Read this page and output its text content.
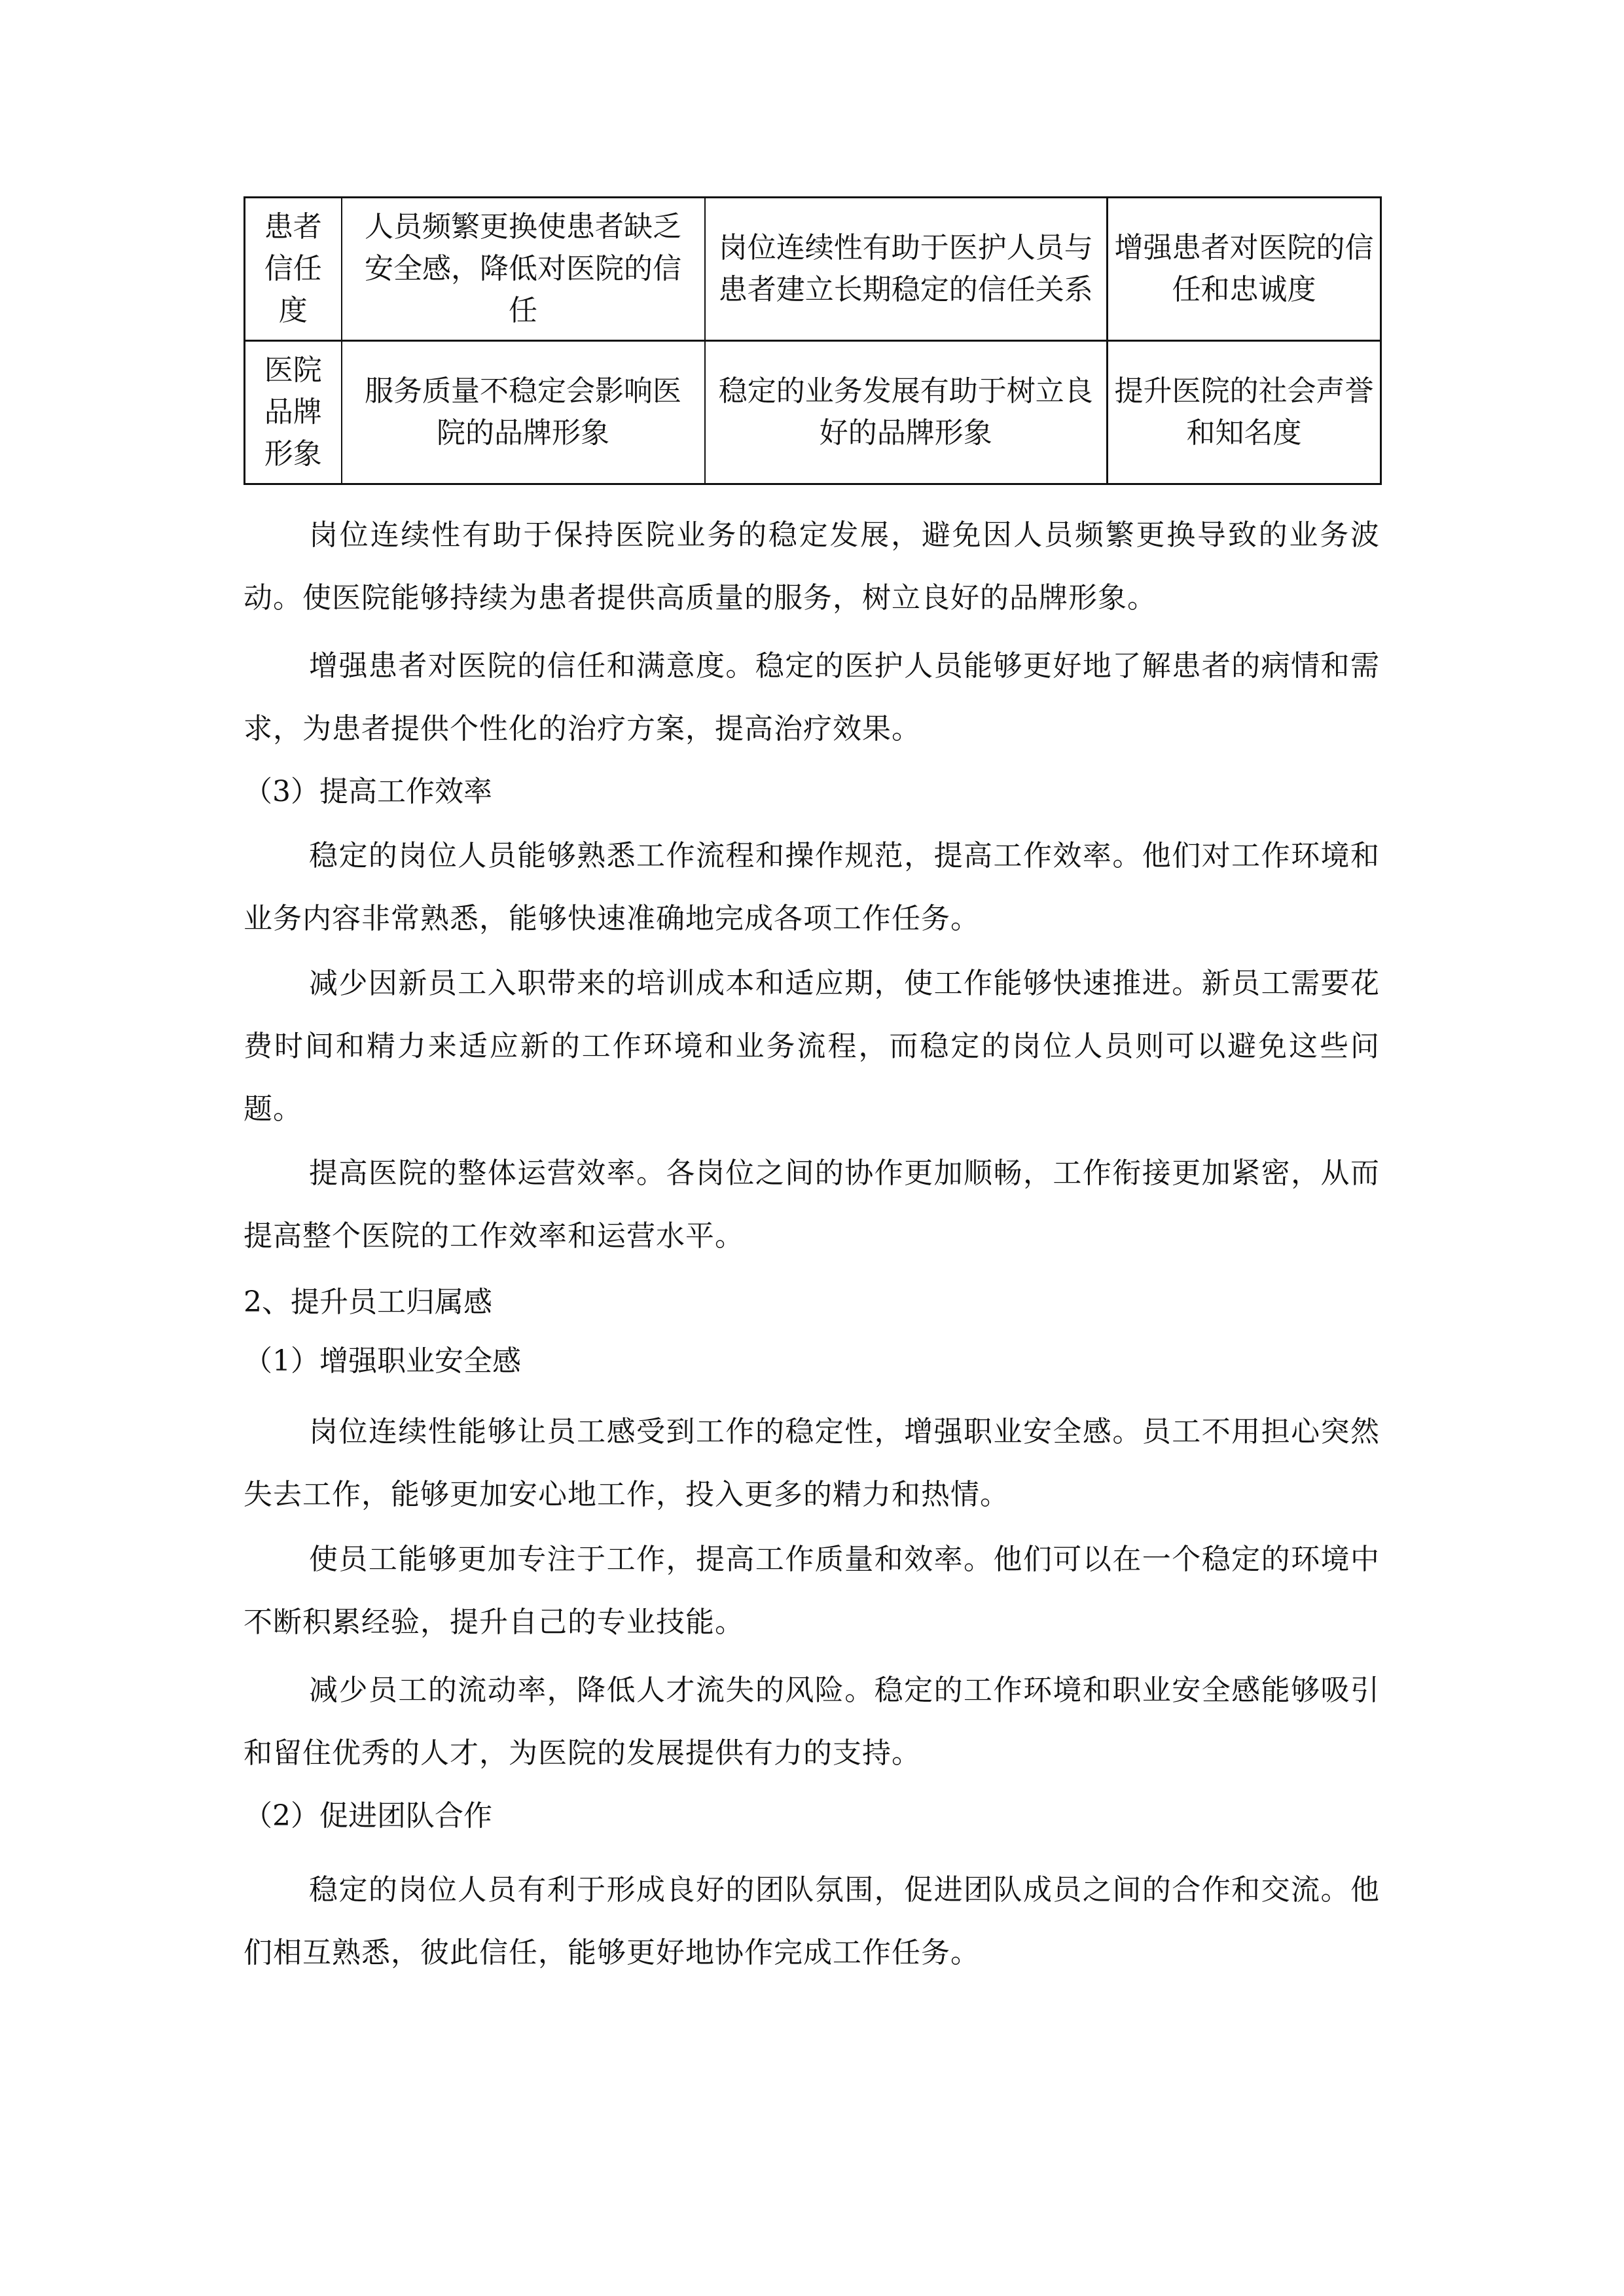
患者信任度	人员频繁更换使患者缺乏安全感，降低对医院的信任	岗位连续性有助于医护人员与患者建立长期稳定的信任关系	增强患者对医院的信任和忠诚度
医院品牌形象	服务质量不稳定会影响医院的品牌形象	稳定的业务发展有助于树立良好的品牌形象	提升医院的社会声誉和知名度

岗位连续性有助于保持医院业务的稳定发展，避免因人员频繁更换导致的业务波动。使医院能够持续为患者提供高质量的服务，树立良好的品牌形象。

增强患者对医院的信任和满意度。稳定的医护人员能够更好地了解患者的病情和需求，为患者提供个性化的治疗方案，提高治疗效果。

（3）提高工作效率

稳定的岗位人员能够熟悉工作流程和操作规范，提高工作效率。他们对工作环境和业务内容非常熟悉，能够快速准确地完成各项工作任务。

减少因新员工入职带来的培训成本和适应期，使工作能够快速推进。新员工需要花费时间和精力来适应新的工作环境和业务流程，而稳定的岗位人员则可以避免这些问题。

提高医院的整体运营效率。各岗位之间的协作更加顺畅，工作衔接更加紧密，从而提高整个医院的工作效率和运营水平。

2、提升员工归属感

（1）增强职业安全感

岗位连续性能够让员工感受到工作的稳定性，增强职业安全感。员工不用担心突然失去工作，能够更加安心地工作，投入更多的精力和热情。

使员工能够更加专注于工作，提高工作质量和效率。他们可以在一个稳定的环境中不断积累经验，提升自己的专业技能。

减少员工的流动率，降低人才流失的风险。稳定的工作环境和职业安全感能够吸引和留住优秀的人才，为医院的发展提供有力的支持。

（2）促进团队合作

稳定的岗位人员有利于形成良好的团队氛围，促进团队成员之间的合作和交流。他们相互熟悉，彼此信任，能够更好地协作完成工作任务。
